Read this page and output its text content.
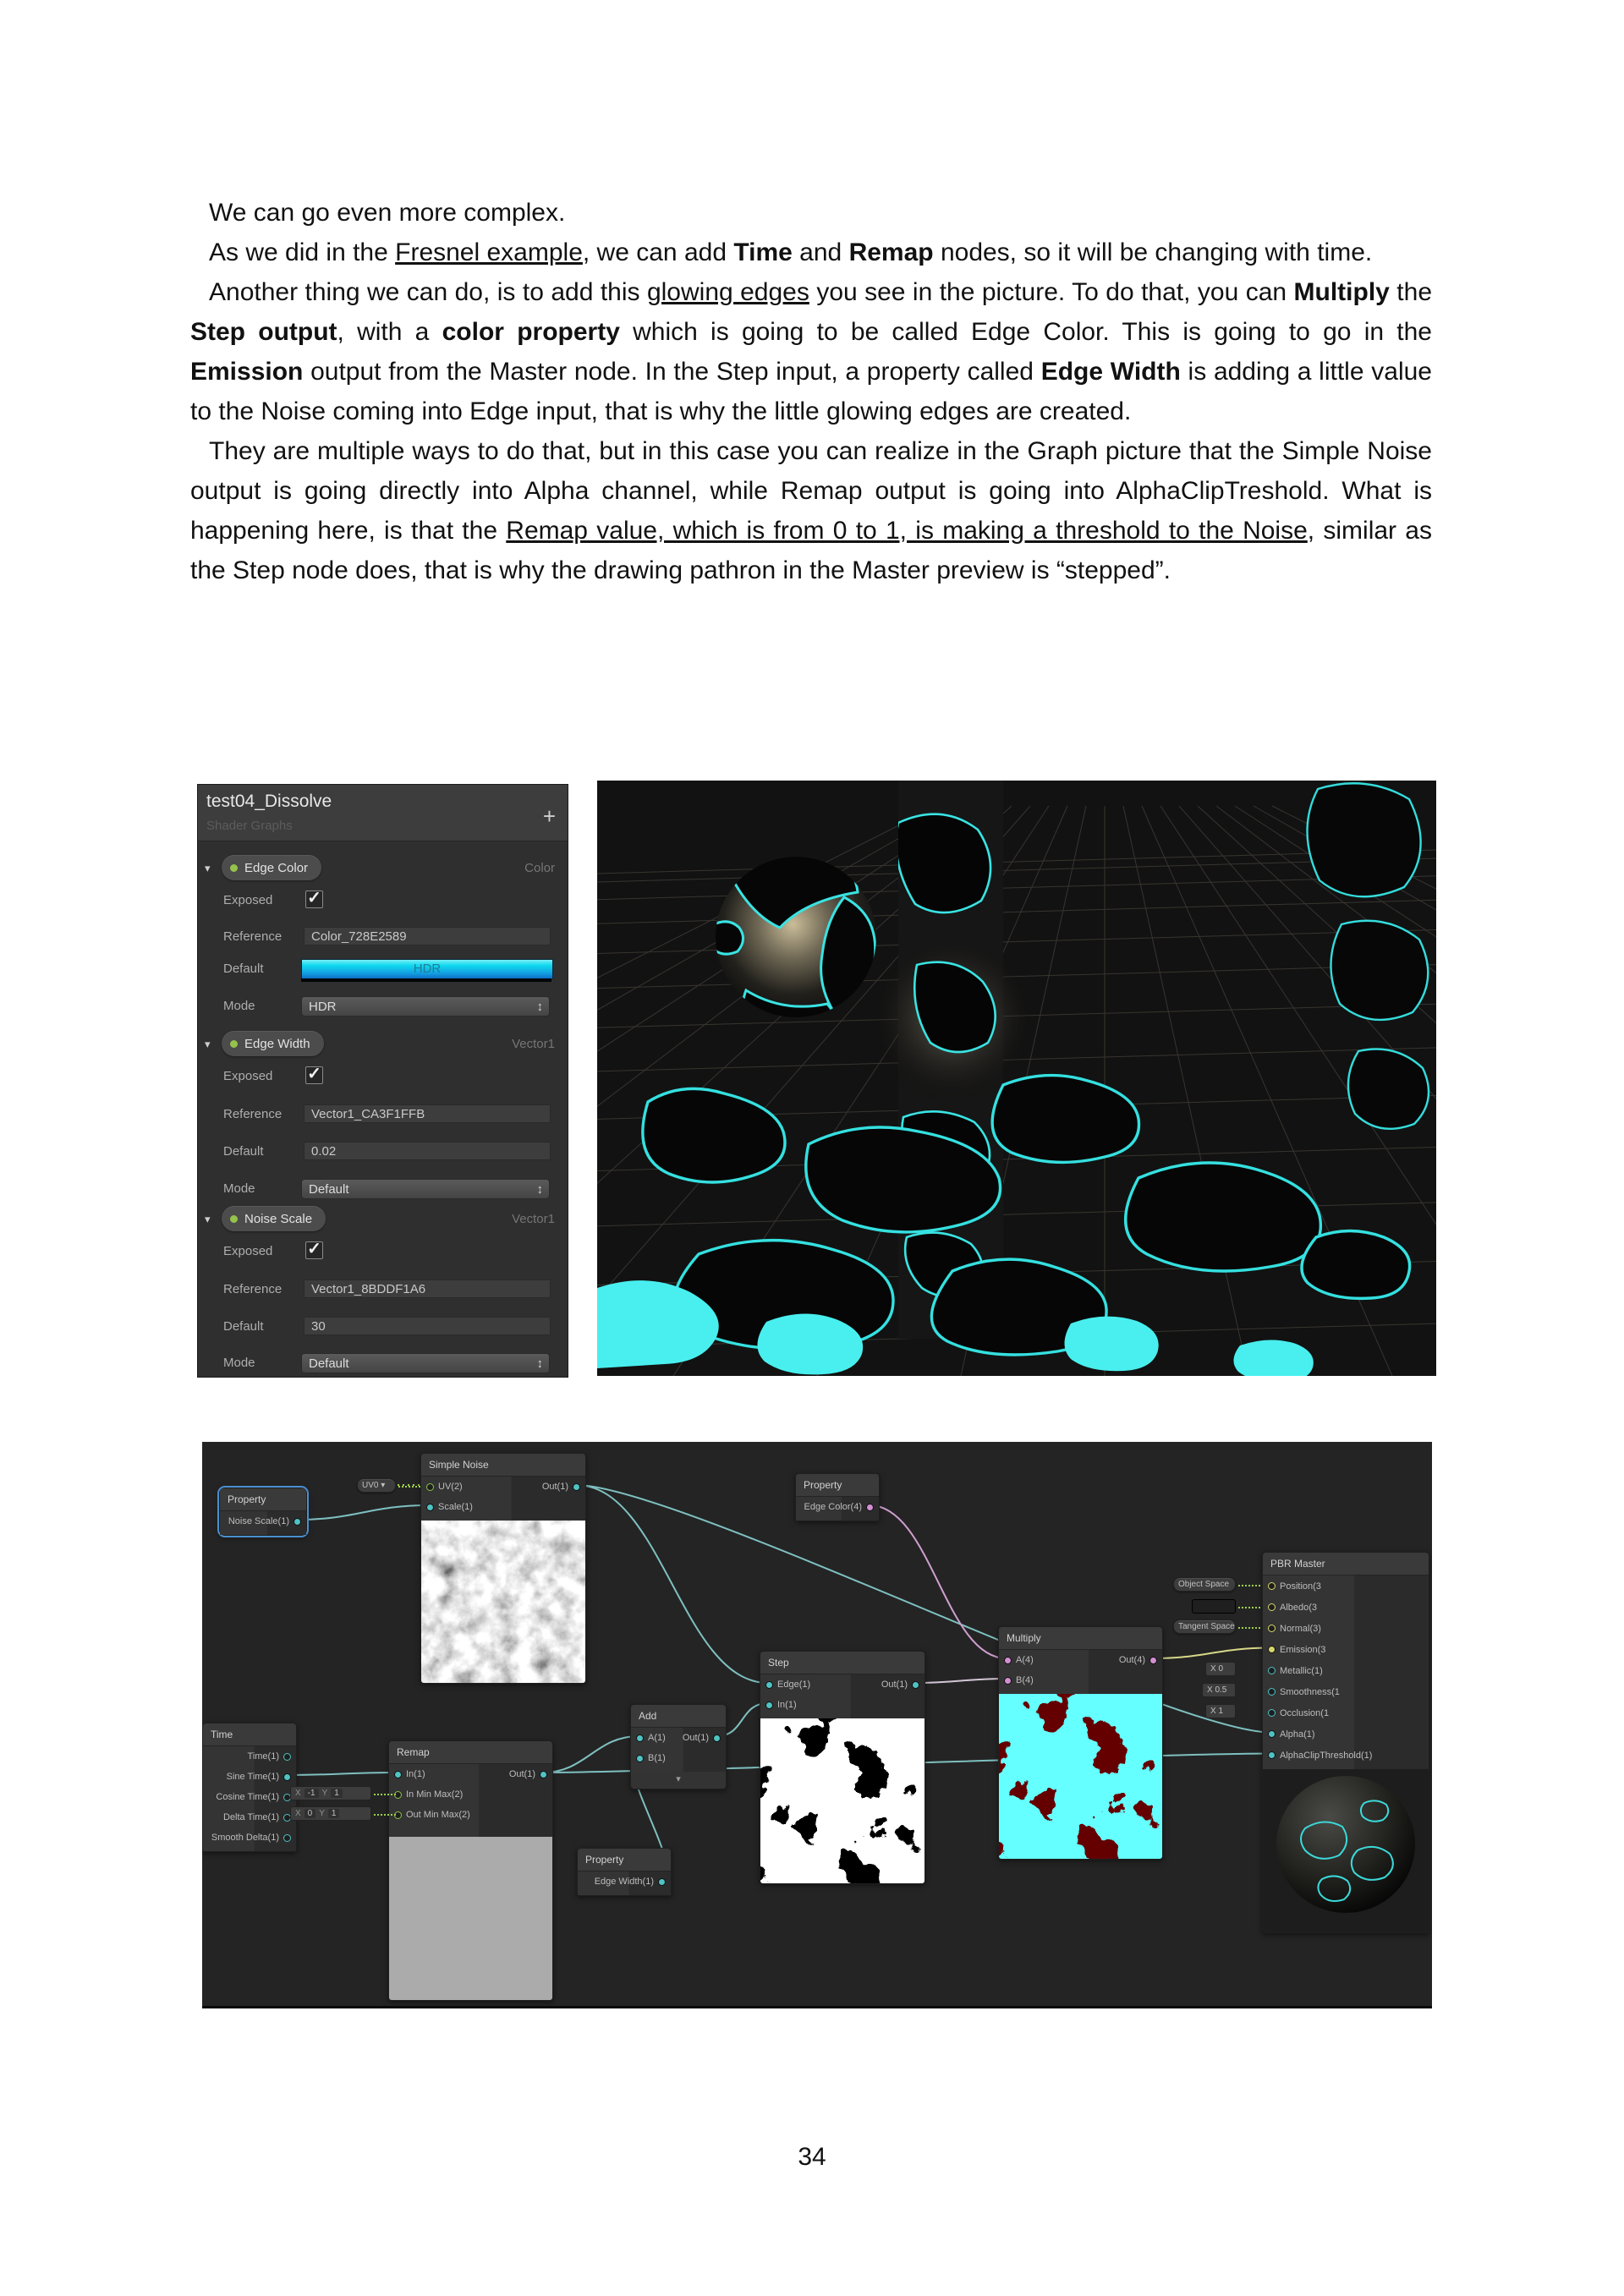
We can go even more complex.

As we did in the Fresnel example, we can add Time and Remap nodes, so it will be changing with time.

Another thing we can do, is to add this glowing edges you see in the picture. To do that, you can Multiply the Step output, with a color property which is going to be called Edge Color. This is going to go in the Emission output from the Master node. In the Step input, a property called Edge Width is adding a little value to the Noise coming into Edge input, that is why the little glowing edges are created.

They are multiple ways to do that, but in this case you can realize in the Graph picture that the Simple Noise output is going directly into Alpha channel, while Remap output is going into AlphaClipTreshold. What is happening here, is that the Remap value, which is from 0 to 1, is making a threshold to the Noise, similar as the Step node does, that is why the drawing pathron in the Master preview is “stepped”.

test04_Dissolve
Shader Graphs	+
▾	Edge Color	Color
Exposed ✓
Reference	Color_728E2589
Default	HDR
Mode	HDR	↕
▾	Edge Width	Vector1
Exposed ✓
Reference	Vector1_CA3F1FFB
Default	0.02
Mode	Default	↕
▾	Noise Scale	Vector1
Exposed ✓
Reference	Vector1_8BDDF1A6
Default	30
Mode	Default	↕
Property
Noise Scale(1)
Simple Noise
UV(2)
Scale(1)
Out(1)
Time
Time(1)
Sine Time(1)
Cosine Time(1)
Delta Time(1)
Smooth Delta(1)
Remap
In(1)
In Min Max(2)
Out Min Max(2)
Out(1)
Add
A(1)
B(1)
Out(1)
▾
Property
Edge Width(1)
Step
Edge(1)
In(1)
Out(1)
Property
Edge Color(4)
Multiply
A(4)
B(4)
Out(4)
PBR Master
Position(3
Albedo(3
Normal(3)
Emission(3
Metallic(1)
Smoothness(1
Occlusion(1
Alpha(1)
AlphaClipThreshold(1)
UV0 ▾
X -1 Y 1
X 0 Y 1
Object Space
Tangent Space
X 0
X 0.5
X 1
34
